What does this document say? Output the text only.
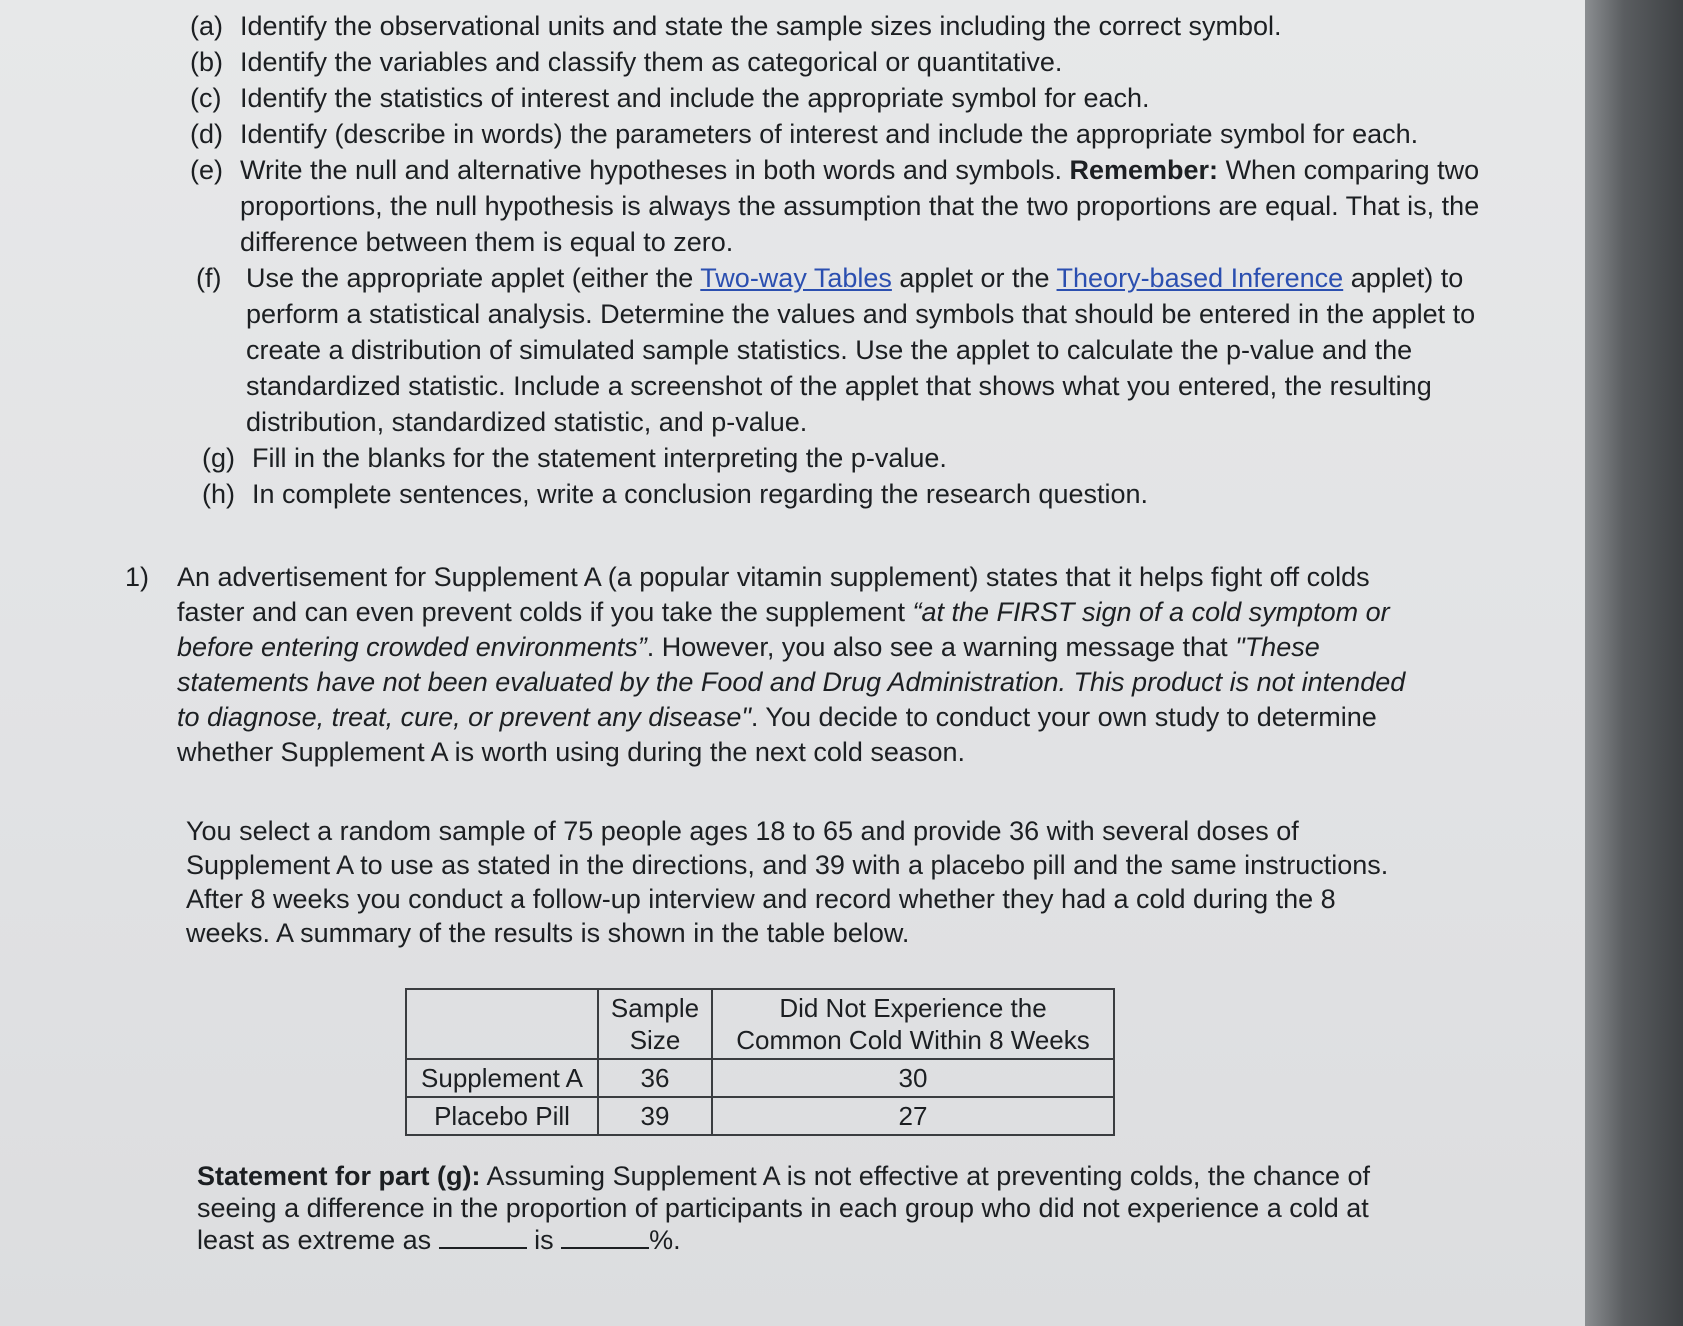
(a) Identify the observational units and state the sample sizes including the correct symbol.

(b) Identify the variables and classify them as categorical or quantitative.

(c) Identify the statistics of interest and include the appropriate symbol for each.

(d) Identify (describe in words) the parameters of interest and include the appropriate symbol for each.

(e) Write the null and alternative hypotheses in both words and symbols. Remember: When comparing two proportions, the null hypothesis is always the assumption that the two proportions are equal. That is, the difference between them is equal to zero.

(f) Use the appropriate applet (either the Two-way Tables applet or the Theory-based Inference applet) to perform a statistical analysis. Determine the values and symbols that should be entered in the applet to create a distribution of simulated sample statistics. Use the applet to calculate the p-value and the standardized statistic. Include a screenshot of the applet that shows what you entered, the resulting distribution, standardized statistic, and p-value.

(g) Fill in the blanks for the statement interpreting the p-value.

(h) In complete sentences, write a conclusion regarding the research question.

1)	An advertisement for Supplement A (a popular vitamin supplement) states that it helps fight off colds faster and can even prevent colds if you take the supplement “at the FIRST sign of a cold symptom or before entering crowded environments”. However, you also see a warning message that "These statements have not been evaluated by the Food and Drug Administration. This product is not intended to diagnose, treat, cure, or prevent any disease". You decide to conduct your own study to determine whether Supplement A is worth using during the next cold season.
You select a random sample of 75 people ages 18 to 65 and provide 36 with several doses of Supplement A to use as stated in the directions, and 39 with a placebo pill and the same instructions. After 8 weeks you conduct a follow-up interview and record whether they had a cold during the 8 weeks. A summary of the results is shown in the table below.
	Sample Size	Did Not Experience the Common Cold Within 8 Weeks
Supplement A	36	30
Placebo Pill	39	27
Statement for part (g): Assuming Supplement A is not effective at preventing colds, the chance of seeing a difference in the proportion of participants in each group who did not experience a cold at least as extreme as	is	%.
